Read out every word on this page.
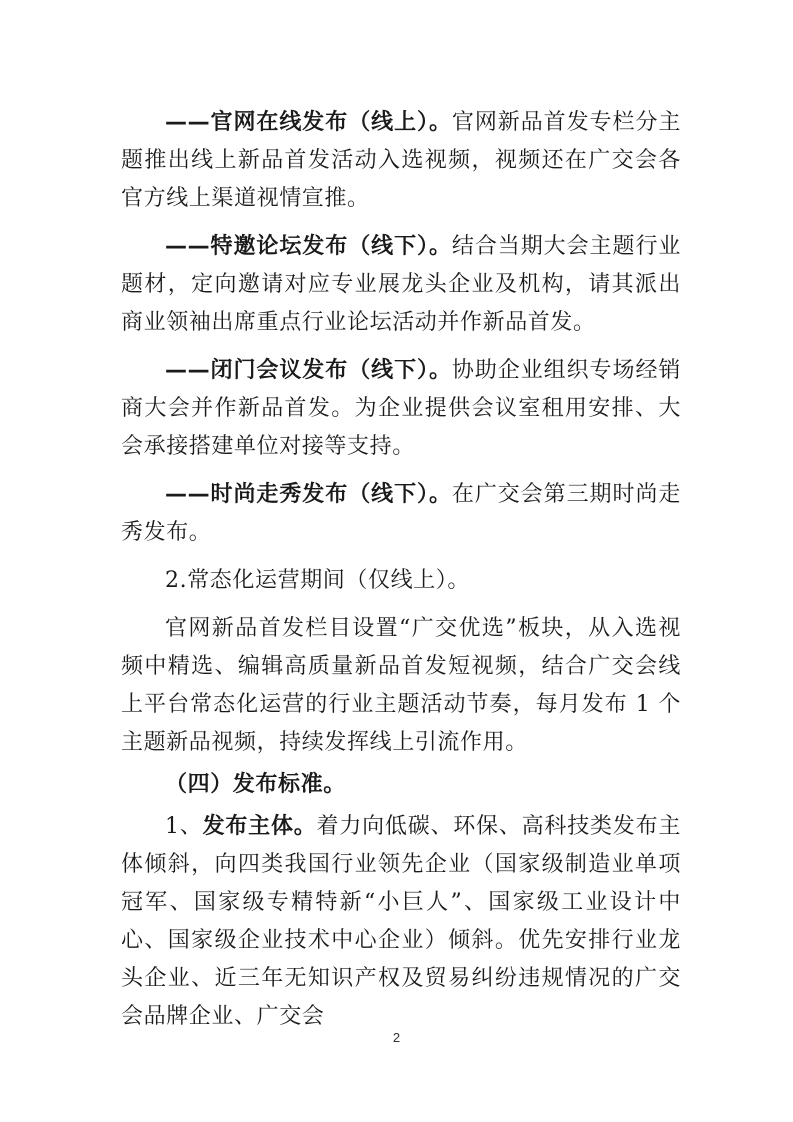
——官网在线发布（线上）。官网新品首发专栏分主题推出线上新品首发活动入选视频，视频还在广交会各官方线上渠道视情宣推。

——特邀论坛发布（线下）。结合当期大会主题行业题材，定向邀请对应专业展龙头企业及机构，请其派出商业领袖出席重点行业论坛活动并作新品首发。

——闭门会议发布（线下）。协助企业组织专场经销商大会并作新品首发。为企业提供会议室租用安排、大会承接搭建单位对接等支持。

——时尚走秀发布（线下）。在广交会第三期时尚走秀发布。

2.常态化运营期间（仅线上）。

官网新品首发栏目设置“广交优选”板块，从入选视频中精选、编辑高质量新品首发短视频，结合广交会线上平台常态化运营的行业主题活动节奏，每月发布 1 个主题新品视频，持续发挥线上引流作用。

（四）发布标准。

1、发布主体。着力向低碳、环保、高科技类发布主体倾斜，向四类我国行业领先企业（国家级制造业单项冠军、国家级专精特新“小巨人”、国家级工业设计中心、国家级企业技术中心企业）倾斜。优先安排行业龙头企业、近三年无知识产权及贸易纠纷违规情况的广交会品牌企业、广交会

2
